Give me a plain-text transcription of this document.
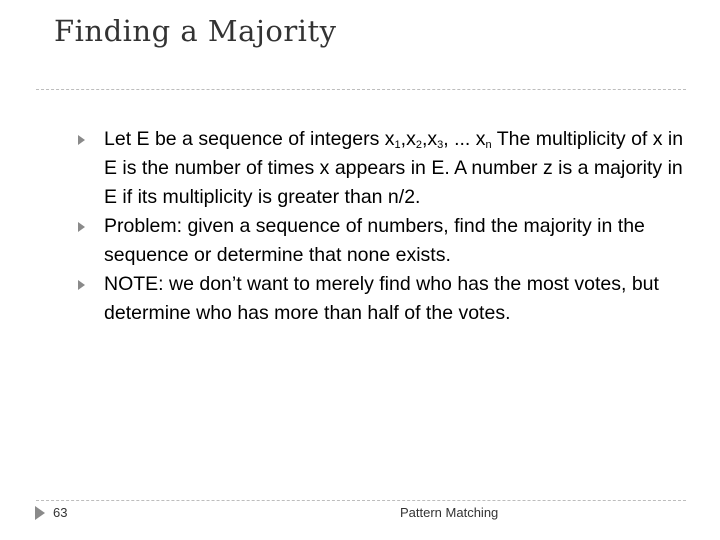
Finding a Majority
Let E be a sequence of integers $x_1,x_2,x_3$, ... $x_n$ The multiplicity of x in E is the number of times x appears in E. A number z is a majority in E if its multiplicity is greater than n/2.
Problem: given a sequence of numbers, find the majority in the sequence or determine that none exists.
NOTE: we don’t want to merely find who has the most votes, but determine who has more than half of the votes.
63	Pattern Matching
